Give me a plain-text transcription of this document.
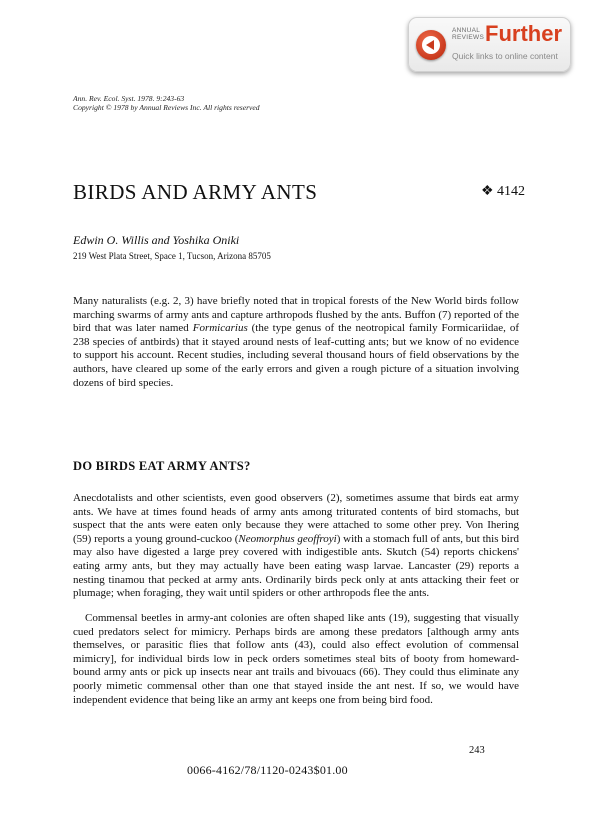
ANNUAL REVIEWS Further
Quick links to online content
Ann. Rev. Ecol. Syst. 1978. 9:243-63
Copyright © 1978 by Annual Reviews Inc. All rights reserved
BIRDS AND ARMY ANTS	❖ 4142
Edwin O. Willis and Yoshika Oniki
219 West Plata Street, Space 1, Tucson, Arizona 85705

Many naturalists (e.g. 2, 3) have briefly noted that in tropical forests of the New World birds follow marching swarms of army ants and capture arthropods flushed by the ants. Buffon (7) reported of the bird that was later named Formicarius (the type genus of the neotropical family Formicariidae, of 238 species of antbirds) that it stayed around nests of leaf-cutting ants; but we know of no evidence to support his account. Recent studies, including several thousand hours of field observations by the authors, have cleared up some of the early errors and given a rough picture of a situation involving dozens of bird species.

DO BIRDS EAT ARMY ANTS?

Anecdotalists and other scientists, even good observers (2), sometimes assume that birds eat army ants. We have at times found heads of army ants among triturated contents of bird stomachs, but suspect that the ants were eaten only because they were attached to some other prey. Von Ihering (59) reports a young ground-cuckoo (Neomorphus geoffroyi) with a stomach full of ants, but this bird may also have digested a large prey covered with indigestible ants. Skutch (54) reports chickens' eating army ants, but they may actually have been eating wasp larvae. Lancaster (29) reports a nesting tinamou that pecked at army ants. Ordinarily birds peck only at ants attacking their feet or plumage; when foraging, they wait until spiders or other arthropods flee the ants.

Commensal beetles in army-ant colonies are often shaped like ants (19), suggesting that visually cued predators select for mimicry. Perhaps birds are among these predators [although army ants themselves, or parasitic flies that follow ants (43), could also effect evolution of commensal mimicry], for individual birds low in peck orders sometimes steal bits of booty from homeward-bound army ants or pick up insects near ant trails and bivouacs (66). They could thus eliminate any poorly mimetic commensal other than one that stayed inside the ant nest. If so, we would have independent evidence that being like an army ant keeps one from being bird food.

243
0066-4162/78/1120-0243$01.00
